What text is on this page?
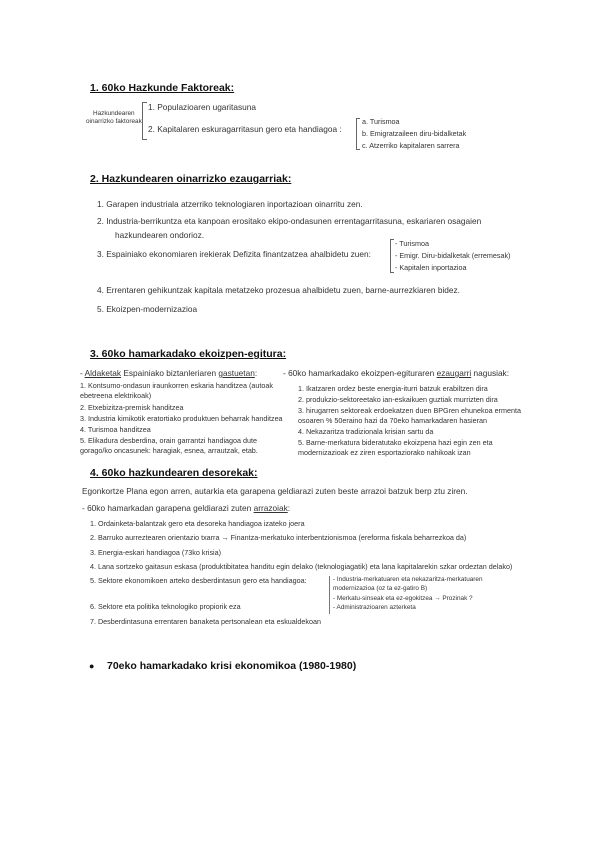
1. 60ko Hazkunde Faktoreak:
Hazkundearen
oinarrizko faktoreak
1. Populazioaren ugaritasuna
2. Kapitalaren eskuragarritasun gero eta handiagoa :
a. Turismoa
b. Emigratzaileen diru-bidalketak
c. Atzerriko kapitalaren sarrera
2. Hazkundearen oinarrizko ezaugarriak:
1. Garapen industriala atzerriko teknologiaren inportazioan oinarritu zen.
2. Industria-berrikuntza eta kanpoan erositako ekipo-ondasunen errentagarritasuna, eskariaren osagaien
hazkundearen ondorioz.
3. Espainiako ekonomiaren irekierak Defizita finantzatzea ahalbidetu zuen:
- Turismoa
- Emigr. Diru-bidalketak (erremesak)
- Kapitalen inportazioa
4. Errentaren gehikuntzak kapitala metatzeko prozesua ahalbidetu zuen, barne-aurrezkiaren bidez.
5. Ekoizpen-modernizazioa
3. 60ko hamarkadako ekoizpen-egitura:
- Aldaketak Espainiako biztanleriaren gastuetan:
1. Kontsumo-ondasun iraunkorren eskaria handitzea (autoak
ebetreena elektrikoak)
2. Etxebizitza-premisk handitzea
3. Industria kimikotik eratortiako produktuen beharrak handitzea
4. Turismoa handitzea
5. Elikadura desberdina, orain garrantzi handiagoa dute
gorago/ko oncasunek: haragiak, esnea, arrautzak, etab.
- 60ko hamarkadako ekoizpen-egituraren ezaugarri nagusiak:
1. Ikatzaren ordez beste energia-iturri batzuk erabiltzen dira
2. produkzio-sektoreetako ian-eskaikuen guztiak murrizten dira
3. hirugarren sektoreak erdoekatzen duen BPGren ehunekoa ermenta
osoaren % 50eraino hazi da 70eko hamarkadaren hasieran
4. Nekazaritza tradizionala krisian sartu da
5. Barne-merkatura bideratutako ekoizpena hazi egin zen eta
modernizazioak ez ziren esportaziorako nahikoak izan
4. 60ko hazkundearen desorekak:
Egonkortze Plana egon arren, autarkia eta garapena geldiarazi zuten beste arrazoi batzuk berp ztu ziren.
- 60ko hamarkadan garapena geldiarazi zuten arrazoiak:
1. Ordainketa-balantzak gero eta desoreka handiagoa izateko joera
2. Barruko aurreztearen orientazio txarra → Finantza-merkatuko interbentzionismoa (ereforma fiskala beharrezkoa da)
3. Energia-eskari handiagoa (73ko krisia)
4. Lana sortzeko gaitasun eskasa (produktibitatea handitu egin delako (teknologiagatik) eta lana kapitalarekin szkar ordeztan delako)
5. Sektore ekonomikoen arteko desberdintasun gero eta handiagoa:	- Industria-merkatuaren eta nekazaritza-merkatuaren
modernizazioa (oz ta ez-gatiro B)
- Merkatu-sinseak eta ez-egokitzea → Prozinak ?
- Administrazioaren azterketa
6. Sektore eta politika teknologiko propiorik eza
7. Desberdintasuna errentaren banaketa pertsonalean eta eskualdekoan
● 70eko hamarkadako krisi ekonomikoa (1980-1980)
